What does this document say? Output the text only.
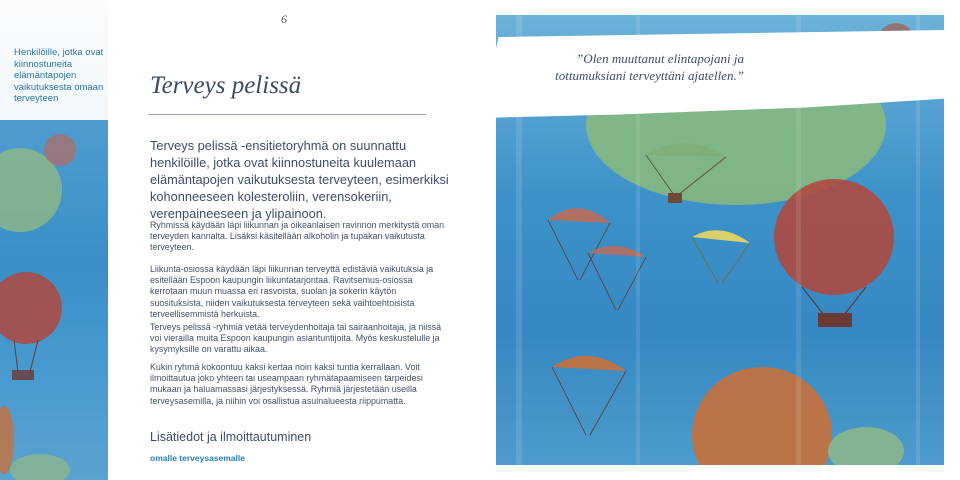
Henkilöille, jotka ovat kiinnostuneita elämäntapojen vaikutuksesta omaan terveyteen
6
Terveys pelissä

Terveys pelissä -ensitietoryhmä on suunnattu henkilöille, jotka ovat kiinnostuneita kuulemaan elämäntapojen vaikutuksesta terveyteen, esimerkiksi kohonneeseen kolesteroliin, verensokeriin, verenpaineeseen ja ylipainoon.

Ryhmissä käydään läpi liikunnan ja oikeanlaisen ravinnon merkitystä oman terveyden kannalta. Lisäksi käsitellään alkoholin ja tupakan vaikutusta terveyteen.

Liikunta-osiossa käydään läpi liikunnan terveyttä edistäviä vaikutuksia ja esitellään Espoon kaupungin liikuntatarjontaa. Ravitsemus-osiossa kerrotaan muun muassa eri rasvoista, suolan ja sokerin käytön suosituksista, niiden vaikutuksesta terveyteen sekä vaihtoehtoisista terveellisemmistä herkuista.

Terveys pelissä -ryhmiä vetää terveydenhoitaja tai sairaanhoitaja, ja niissä voi vierailla muita Espoon kaupungin asiantuntijoita. Myös keskustelulle ja kysymyksille on varattu aikaa.

Kukin ryhmä kokoontuu kaksi kertaa noin kaksi tuntia kerrallaan. Voit ilmoittautua joko yhteen tai useampaan ryhmätapaamiseen tarpeidesi mukaan ja haluamassasi järjestyksessä. Ryhmiä järjestetään useilla terveysasemilla, ja niihin voi osallistua asuinalueesta riippumatta.

Lisätiedot ja ilmoittautuminen
omalle terveysasemalle

”Olen muuttanut elintapojani ja tottumuksiani terveyttäni ajatellen.”
